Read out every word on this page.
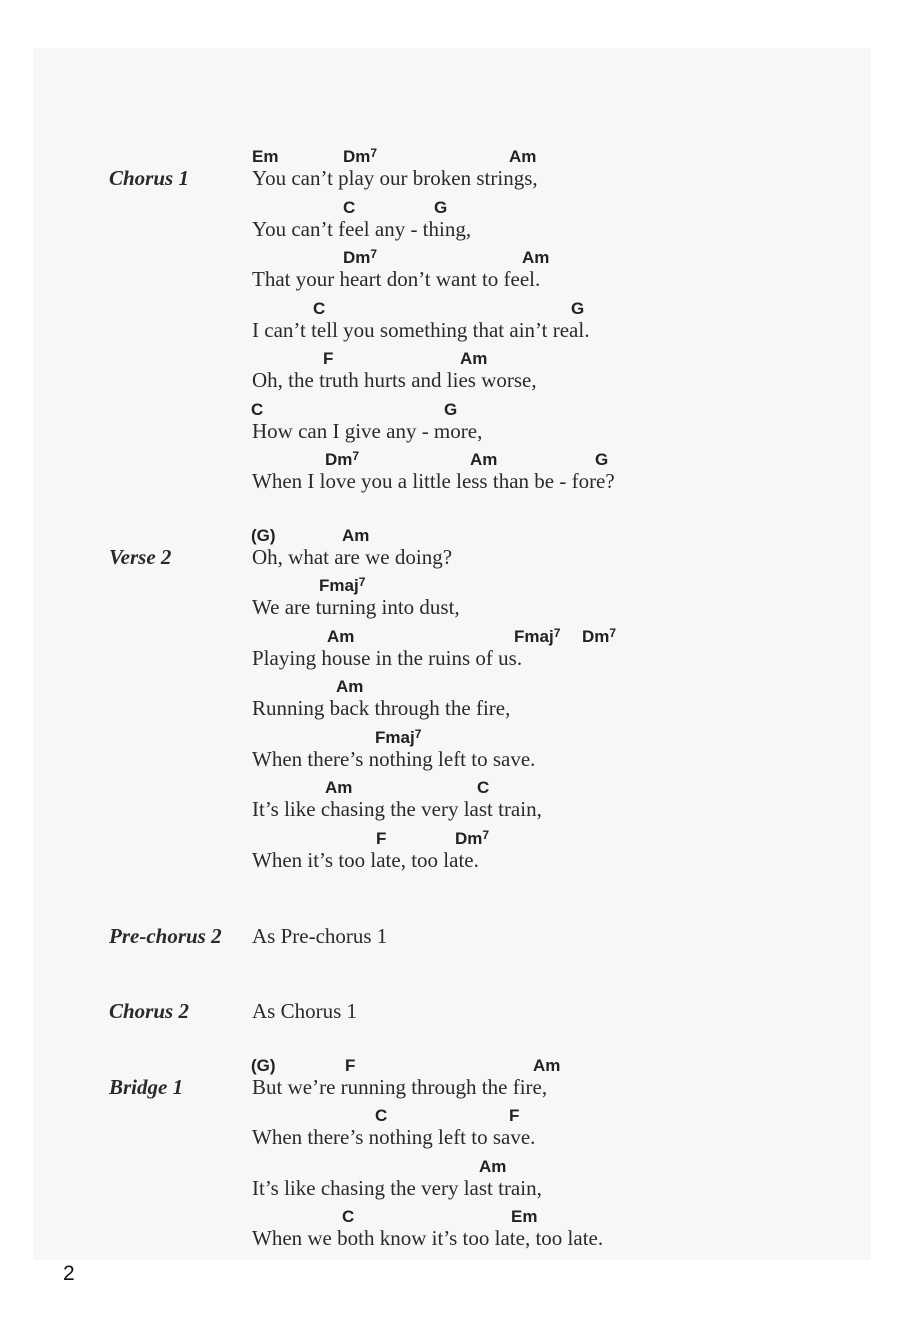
Chorus 1
Em	Dm$^7$	Am
You can’t play our broken strings,
C	G
You can’t feel any - thing,
Dm$^7$	Am
That your heart don’t want to feel.
C	G
I can’t tell you something that ain’t real.
F	Am
Oh, the truth hurts and lies worse,
C	G
How can I give any - more,
Dm$^7$	Am	G
When I love you a little less than be - fore?
Verse 2
(G)	Am
Oh, what are we doing?
Fmaj$^7$
We are turning into dust,
Am	Fmaj$^7$ Dm$^7$
Playing house in the ruins of us.
Am
Running back through the fire,
Fmaj$^7$
When there’s nothing left to save.
Am	C
It’s like chasing the very last train,
F	Dm$^7$
When it’s too late, too late.
Pre-chorus 2 As Pre-chorus 1
Chorus 2	As Chorus 1
Bridge 1
(G)	F	Am
But we’re running through the fire,
C	F
When there’s nothing left to save.
Am
It’s like chasing the very last train,
C	Em
When we both know it’s too late, too late.
2
